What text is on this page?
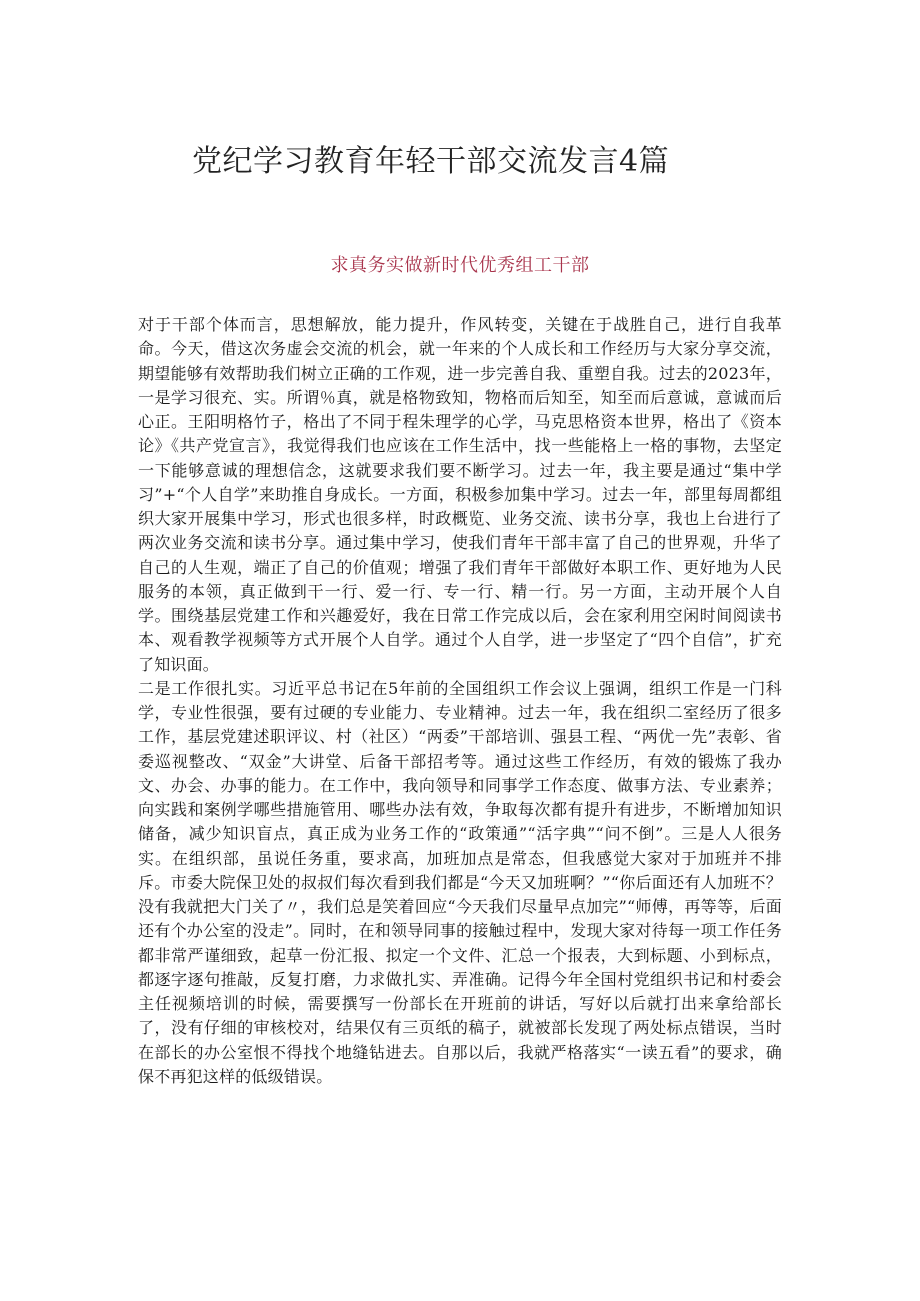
党纪学习教育年轻干部交流发言4篇
求真务实做新时代优秀组工干部

对于干部个体而言，思想解放，能力提升，作风转变，关键在于战胜自己，进行自我革命。今天，借这次务虚会交流的机会，就一年来的个人成长和工作经历与大家分享交流，期望能够有效帮助我们树立正确的工作观，进一步完善自我、重塑自我。过去的2023年，一是学习很充、实。所谓％真，就是格物致知，物格而后知至，知至而后意诚，意诚而后心正。王阳明格竹子，格出了不同于程朱理学的心学，马克思格资本世界，格出了《资本论》《共产党宣言》，我觉得我们也应该在工作生活中，找一些能格上一格的事物，去坚定一下能够意诚的理想信念，这就要求我们要不断学习。过去一年，我主要是通过“集中学习”+“个人自学”来助推自身成长。一方面，积极参加集中学习。过去一年，部里每周都组织大家开展集中学习，形式也很多样，时政概览、业务交流、读书分享，我也上台进行了两次业务交流和读书分享。通过集中学习，使我们青年干部丰富了自己的世界观，升华了自己的人生观，端正了自己的价值观；增强了我们青年干部做好本职工作、更好地为人民服务的本领，真正做到干一行、爱一行、专一行、精一行。另一方面，主动开展个人自学。围绕基层党建工作和兴趣爱好，我在日常工作完成以后，会在家利用空闲时间阅读书本、观看教学视频等方式开展个人自学。通过个人自学，进一步坚定了“四个自信”，扩充了知识面。

二是工作很扎实。习近平总书记在5年前的全国组织工作会议上强调，组织工作是一门科学，专业性很强，要有过硬的专业能力、专业精神。过去一年，我在组织二室经历了很多工作，基层党建述职评议、村（社区）“两委”干部培训、强县工程、“两优一先”表彰、省委巡视整改、“双金”大讲堂、后备干部招考等。通过这些工作经历，有效的锻炼了我办文、办会、办事的能力。在工作中，我向领导和同事学工作态度、做事方法、专业素养；向实践和案例学哪些措施管用、哪些办法有效，争取每次都有提升有进步，不断增加知识储备，减少知识盲点，真正成为业务工作的“政策通”“活字典”“问不倒”。三是人人很务实。在组织部，虽说任务重，要求高，加班加点是常态，但我感觉大家对于加班并不排斥。市委大院保卫处的叔叔们每次看到我们都是“今天又加班啊？”“你后面还有人加班不？没有我就把大门关了〃，我们总是笑着回应“今天我们尽量早点加完”“师傅，再等等，后面还有个办公室的没走”。同时，在和领导同事的接触过程中，发现大家对待每一项工作任务都非常严谨细致，起草一份汇报、拟定一个文件、汇总一个报表，大到标题、小到标点，都逐字逐句推敲，反复打磨，力求做扎实、弄准确。记得今年全国村党组织书记和村委会主任视频培训的时候，需要撰写一份部长在开班前的讲话，写好以后就打出来拿给部长了，没有仔细的审核校对，结果仅有三页纸的稿子，就被部长发现了两处标点错误，当时在部长的办公室恨不得找个地缝钻进去。自那以后，我就严格落实“一读五看”的要求，确保不再犯这样的低级错误。
